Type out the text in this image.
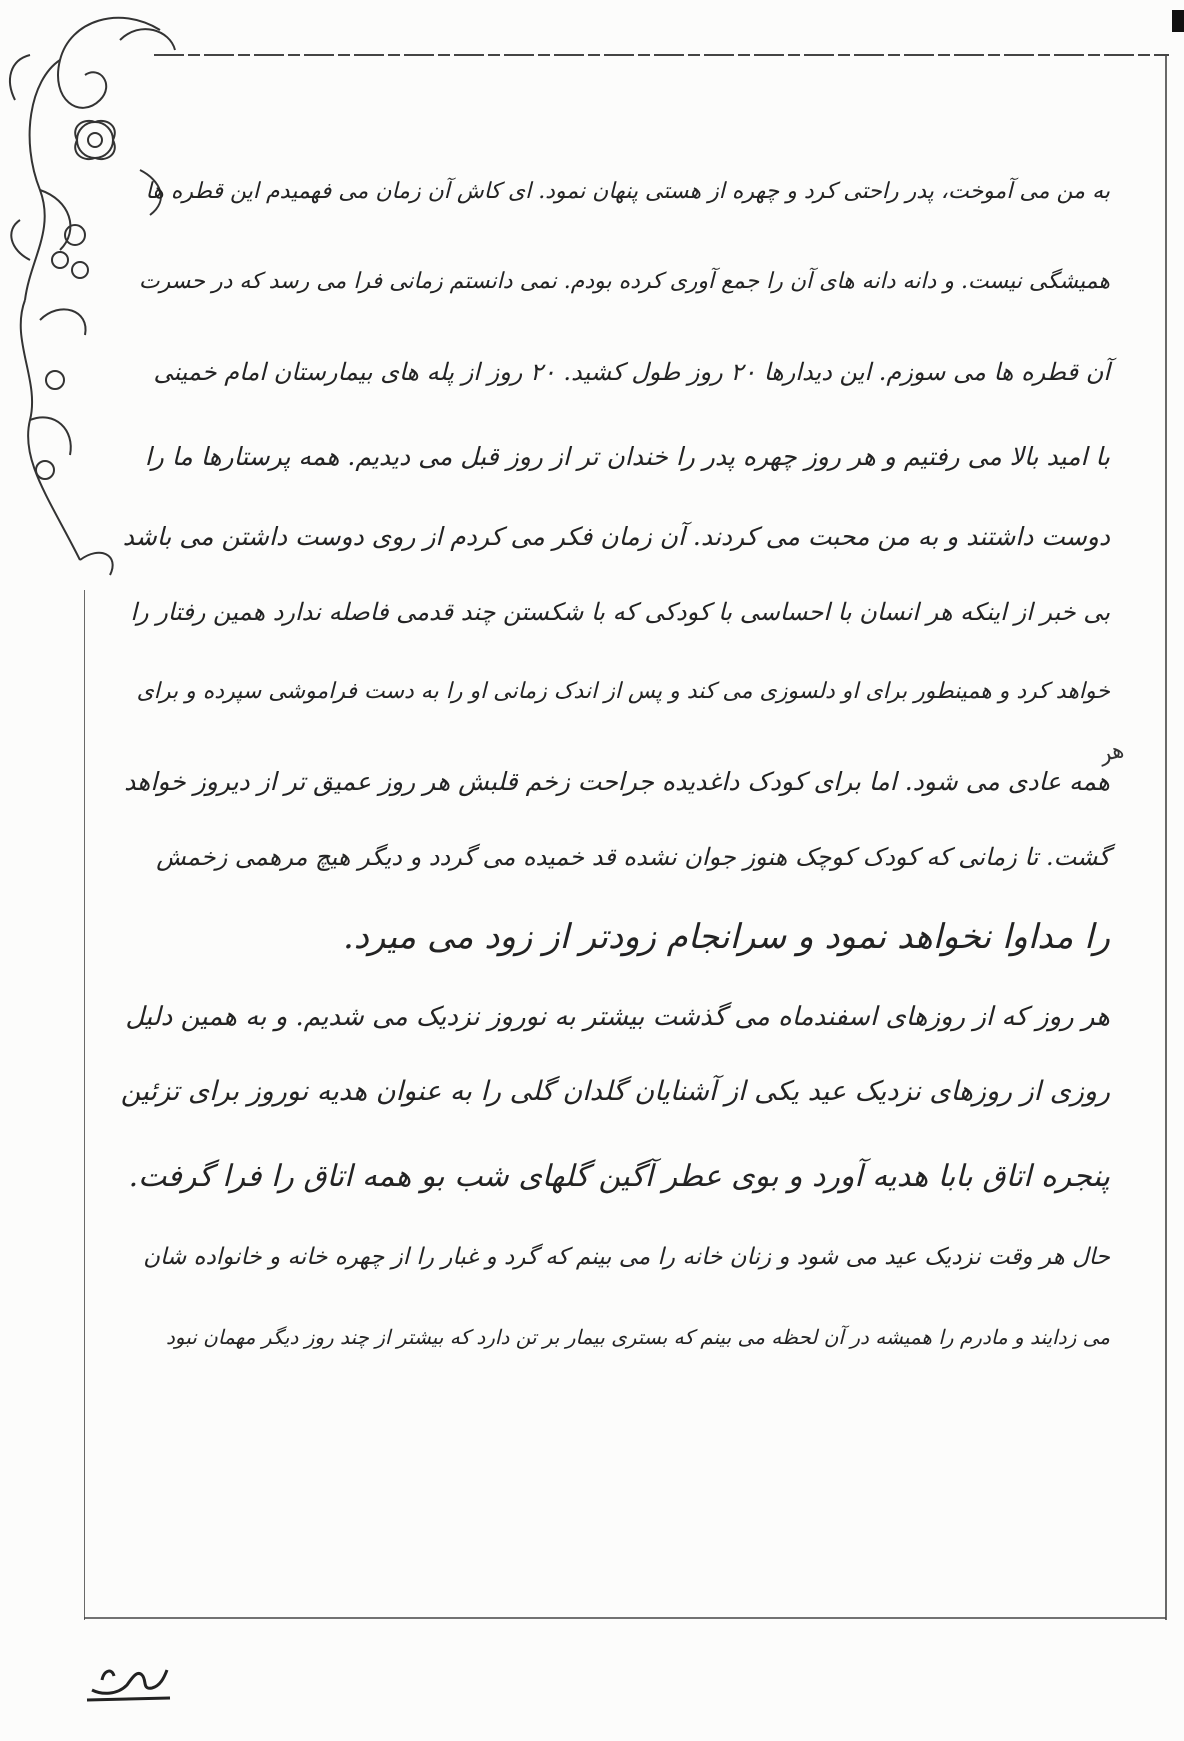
به من می آموخت، پدر راحتی کرد و چهره از هستی پنهان نمود. ای کاش آن زمان می فهمیدم این قطره ها
همیشگی نیست. و دانه دانه های آن را جمع آوری کرده بودم. نمی دانستم زمانی فرا می رسد که در حسرت
آن قطره ها می سوزم. این دیدارها ۲۰ روز طول کشید. ۲۰ روز از پله های بیمارستان امام خمینی
با امید بالا می رفتیم و هر روز چهره پدر را خندان تر از روز قبل می دیدیم. همه پرستارها ما را
دوست داشتند و به من محبت می کردند. آن زمان فکر می کردم از روی دوست داشتن می باشد
بی خبر از اینکه هر انسان با احساسی با کودکی که با شکستن چند قدمی فاصله ندارد همین رفتار را
خواهد کرد و همینطور برای او دلسوزی می کند و پس از اندک زمانی او را به دست فراموشی سپرده و برای
همه عادی می شود. اما برای کودک داغدیده جراحت زخم قلبش هر روز عمیق تر از دیروز خواهد
گشت. تا زمانی که کودک کوچک هنوز جوان نشده قد خمیده می گردد و دیگر هیچ مرهمی زخمش
را مداوا نخواهد نمود و سرانجام زودتر از زود می میرد.
هر روز که از روزهای اسفندماه می گذشت بیشتر به نوروز نزدیک می شدیم. و به همین دلیل
روزی از روزهای نزدیک عید یکی از آشنایان گلدان گلی را به عنوان هدیه نوروز برای تزئین
پنجره اتاق بابا هدیه آورد و بوی عطر آگین گلهای شب بو همه اتاق را فرا گرفت.
حال هر وقت نزدیک عید می شود و زنان خانه را می بینم که گرد و غبار را از چهره خانه و خانواده شان
می زدایند و مادرم را همیشه در آن لحظه می بینم که بستری بیمار بر تن دارد که بیشتر از چند روز دیگر مهمان نبود
هر
